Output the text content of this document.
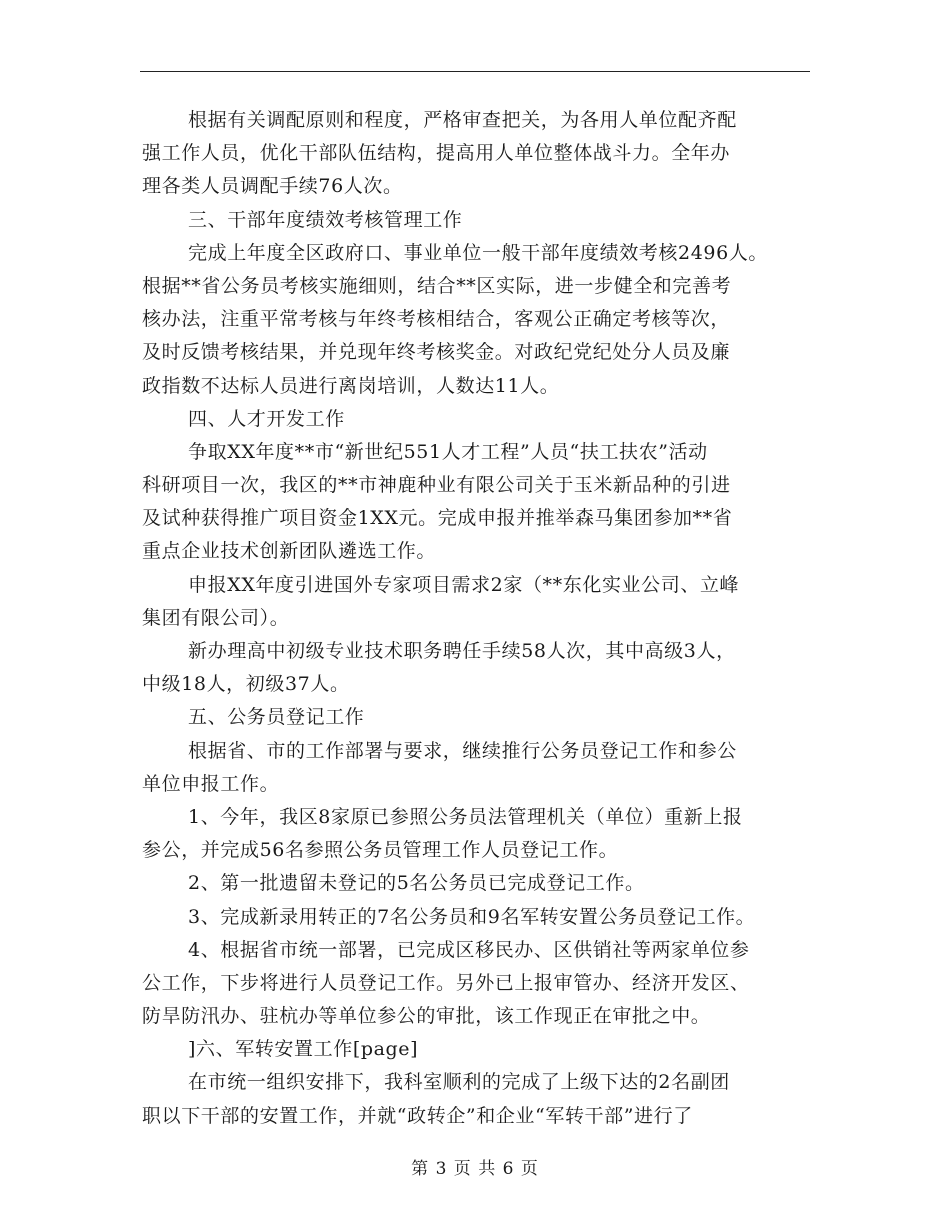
根据有关调配原则和程度，严格审查把关，为各用人单位配齐配
强工作人员，优化干部队伍结构，提高用人单位整体战斗力。全年办
理各类人员调配手续76人次。
三、干部年度绩效考核管理工作
完成上年度全区政府口、事业单位一般干部年度绩效考核2496人。
根据**省公务员考核实施细则，结合**区实际，进一步健全和完善考
核办法，注重平常考核与年终考核相结合，客观公正确定考核等次，
及时反馈考核结果，并兑现年终考核奖金。对政纪党纪处分人员及廉
政指数不达标人员进行离岗培训，人数达11人。
四、人才开发工作
争取XX年度**市“新世纪551人才工程”人员“扶工扶农”活动
科研项目一次，我区的**市神鹿种业有限公司关于玉米新品种的引进
及试种获得推广项目资金1XX元。完成申报并推举森马集团参加**省
重点企业技术创新团队遴选工作。
申报XX年度引进国外专家项目需求2家（**东化实业公司、立峰
集团有限公司）。
新办理高中初级专业技术职务聘任手续58人次，其中高级3人，
中级18人，初级37人。
五、公务员登记工作
根据省、市的工作部署与要求，继续推行公务员登记工作和参公
单位申报工作。
1、今年，我区8家原已参照公务员法管理机关（单位）重新上报
参公，并完成56名参照公务员管理工作人员登记工作。
2、第一批遗留未登记的5名公务员已完成登记工作。
3、完成新录用转正的7名公务员和9名军转安置公务员登记工作。
4、根据省市统一部署，已完成区移民办、区供销社等两家单位参
公工作，下步将进行人员登记工作。另外已上报审管办、经济开发区、
防旱防汛办、驻杭办等单位参公的审批，该工作现正在审批之中。
]六、军转安置工作[page]
在市统一组织安排下，我科室顺利的完成了上级下达的2名副团
职以下干部的安置工作，并就“政转企”和企业“军转干部”进行了
第 3 页 共 6 页
